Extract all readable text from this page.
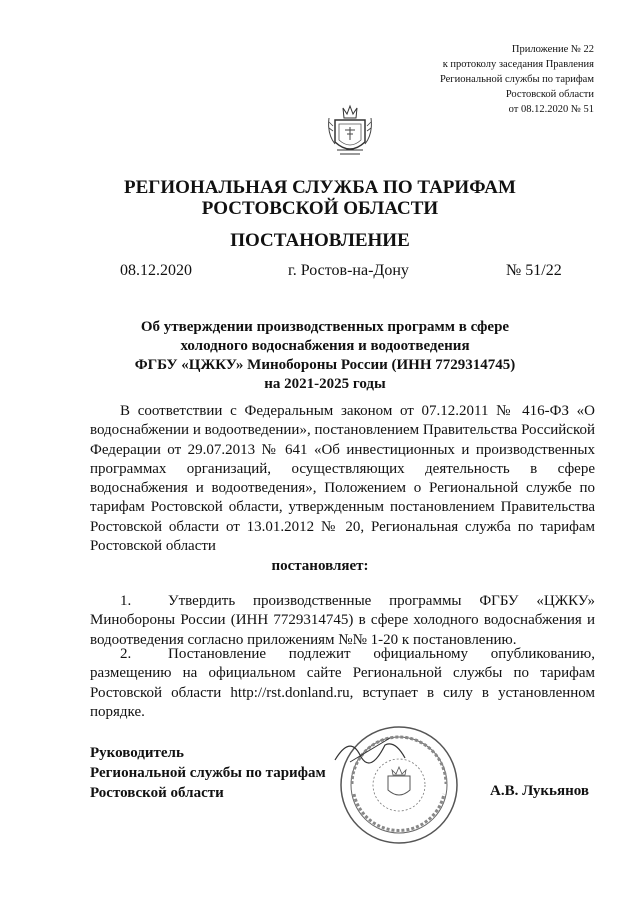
Приложение № 22
к протоколу заседания Правления
Региональной службы по тарифам
Ростовской области
от 08.12.2020 № 51
РЕГИОНАЛЬНАЯ СЛУЖБА ПО ТАРИФАМ
РОСТОВСКОЙ ОБЛАСТИ
ПОСТАНОВЛЕНИЕ
08.12.2020	г. Ростов-на-Дону	№ 51/22
Об утверждении производственных программ в сфере
холодного водоснабжения и водоотведения
ФГБУ «ЦЖКУ» Минобороны России (ИНН 7729314745)
на 2021-2025 годы
В соответствии с Федеральным законом от 07.12.2011 № 416-ФЗ «О водоснабжении и водоотведении», постановлением Правительства Российской Федерации от 29.07.2013 № 641 «Об инвестиционных и производственных программах организаций, осуществляющих деятельность в сфере водоснабжения и водоотведения», Положением о Региональной службе по тарифам Ростовской области, утвержденным постановлением Правительства Ростовской области от 13.01.2012 № 20, Региональная служба по тарифам Ростовской области
постановляет:
1. Утвердить производственные программы ФГБУ «ЦЖКУ» Минобороны России (ИНН 7729314745) в сфере холодного водоснабжения и водоотведения согласно приложениям №№ 1-20 к постановлению.
2. Постановление подлежит официальному опубликованию, размещению на официальном сайте Региональной службы по тарифам Ростовской области http://rst.donland.ru, вступает в силу в установленном порядке.
Руководитель
Региональной службы по тарифам
Ростовской области	А.В. Лукьянов
